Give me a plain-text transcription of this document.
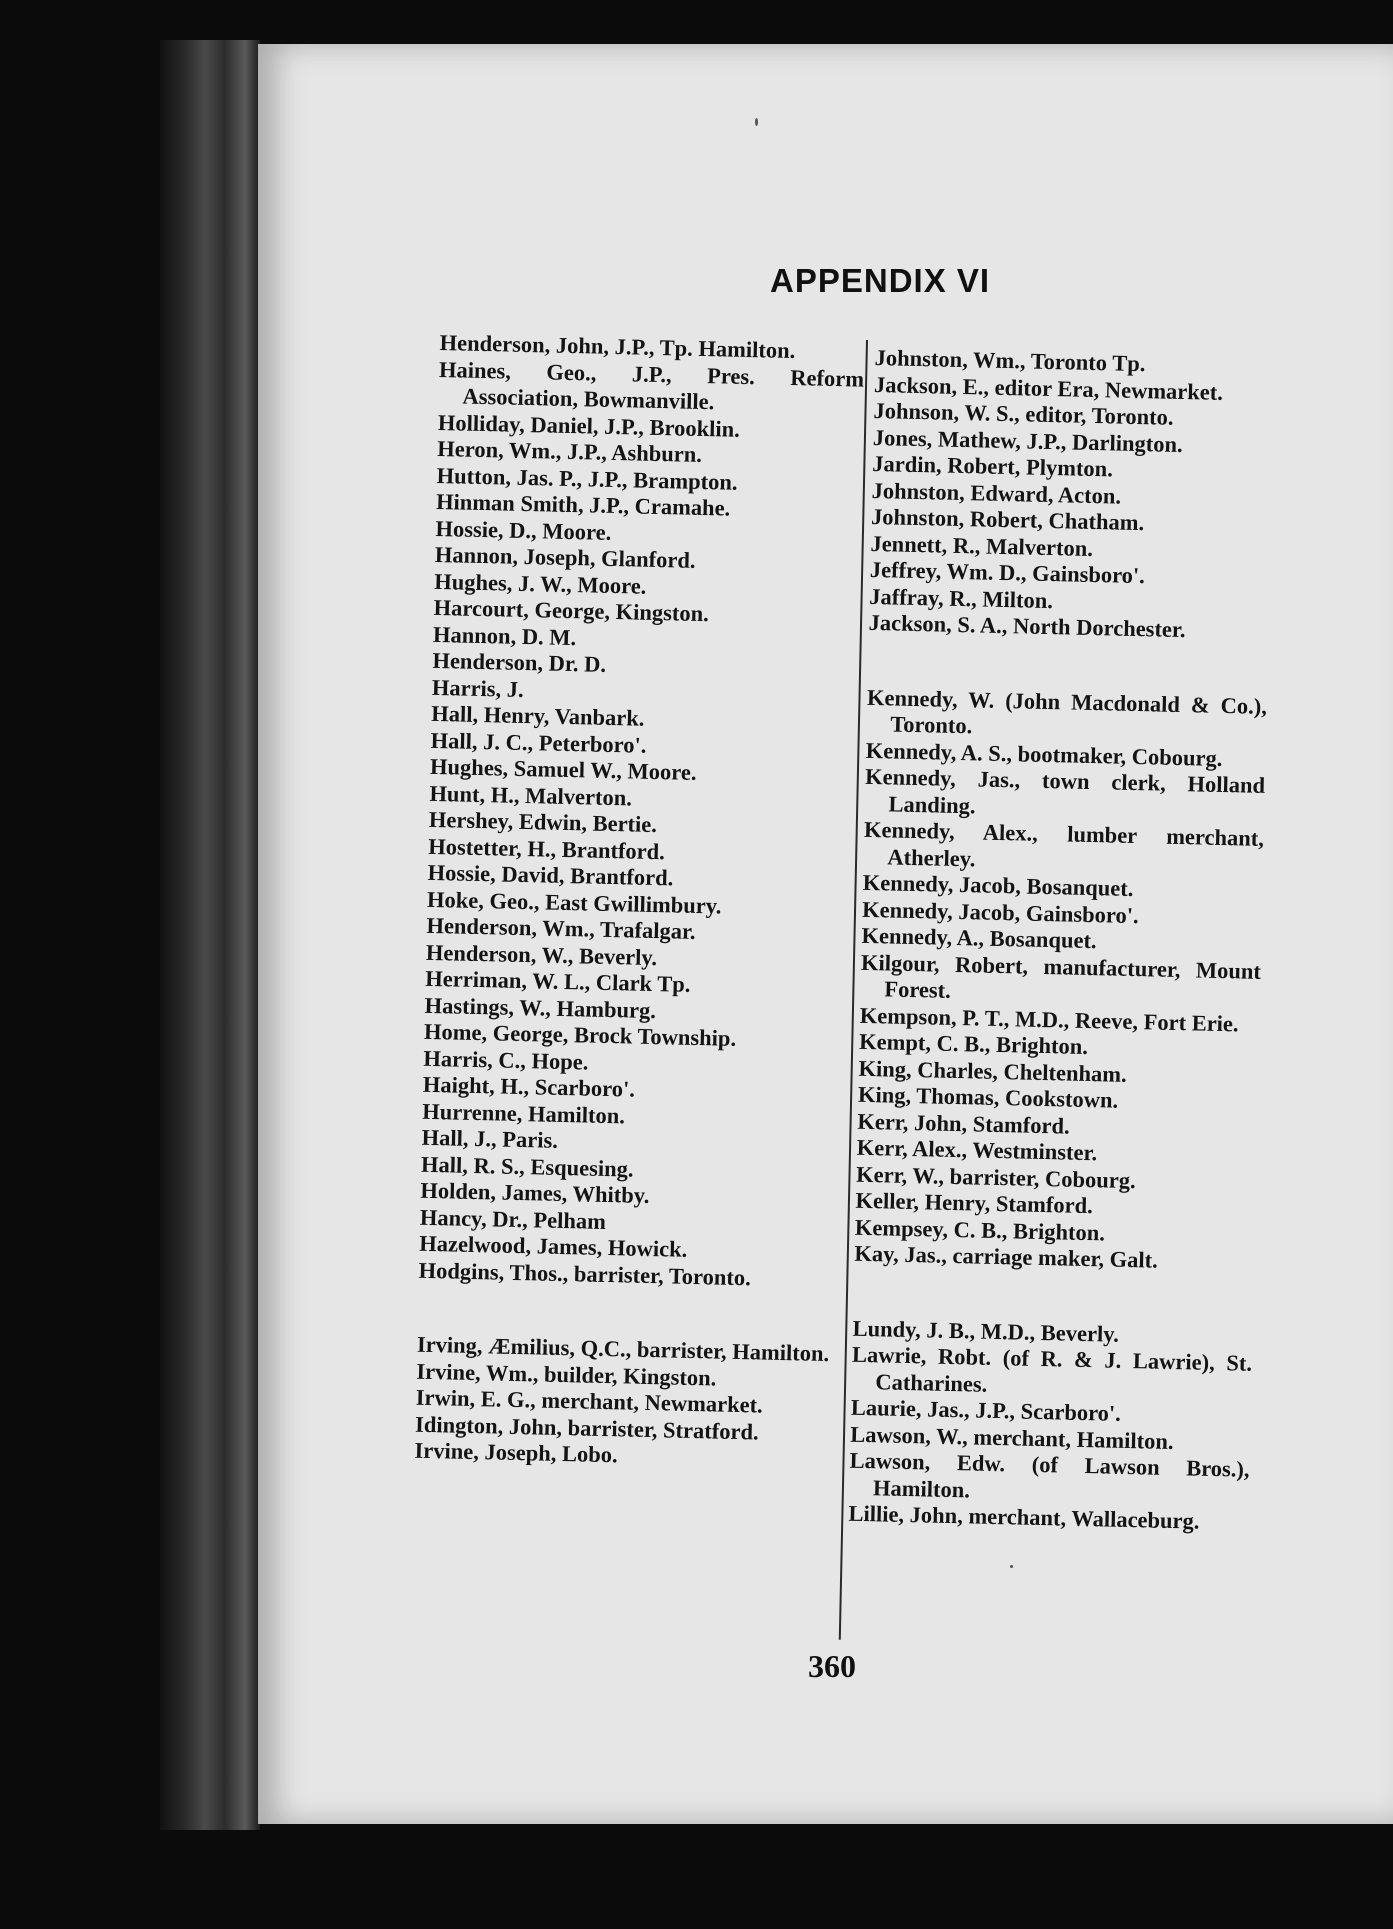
APPENDIX VI
Henderson, John, J.P., Tp. Hamilton.
Haines, Geo., J.P., Pres. Reform Association, Bowmanville.
Holliday, Daniel, J.P., Brooklin.
Heron, Wm., J.P., Ashburn.
Hutton, Jas. P., J.P., Brampton.
Hinman Smith, J.P., Cramahe.
Hossie, D., Moore.
Hannon, Joseph, Glanford.
Hughes, J. W., Moore.
Harcourt, George, Kingston.
Hannon, D. M.
Henderson, Dr. D.
Harris, J.
Hall, Henry, Vanbark.
Hall, J. C., Peterboro'.
Hughes, Samuel W., Moore.
Hunt, H., Malverton.
Hershey, Edwin, Bertie.
Hostetter, H., Brantford.
Hossie, David, Brantford.
Hoke, Geo., East Gwillimbury.
Henderson, Wm., Trafalgar.
Henderson, W., Beverly.
Herriman, W. L., Clark Tp.
Hastings, W., Hamburg.
Home, George, Brock Township.
Harris, C., Hope.
Haight, H., Scarboro'.
Hurrenne, Hamilton.
Hall, J., Paris.
Hall, R. S., Esquesing.
Holden, James, Whitby.
Hancy, Dr., Pelham
Hazelwood, James, Howick.
Hodgins, Thos., barrister, Toronto.
Irving, Æmilius, Q.C., barrister, Hamilton.
Irvine, Wm., builder, Kingston.
Irwin, E. G., merchant, Newmarket.
Idington, John, barrister, Stratford.
Irvine, Joseph, Lobo.
Johnston, Wm., Toronto Tp.
Jackson, E., editor Era, Newmarket.
Johnson, W. S., editor, Toronto.
Jones, Mathew, J.P., Darlington.
Jardin, Robert, Plymton.
Johnston, Edward, Acton.
Johnston, Robert, Chatham.
Jennett, R., Malverton.
Jeffrey, Wm. D., Gainsboro'.
Jaffray, R., Milton.
Jackson, S. A., North Dorchester.
Kennedy, W. (John Macdonald & Co.), Toronto.
Kennedy, A. S., bootmaker, Cobourg.
Kennedy, Jas., town clerk, Holland Landing.
Kennedy, Alex., lumber merchant, Atherley.
Kennedy, Jacob, Bosanquet.
Kennedy, Jacob, Gainsboro'.
Kennedy, A., Bosanquet.
Kilgour, Robert, manufacturer, Mount Forest.
Kempson, P. T., M.D., Reeve, Fort Erie.
Kempt, C. B., Brighton.
King, Charles, Cheltenham.
King, Thomas, Cookstown.
Kerr, John, Stamford.
Kerr, Alex., Westminster.
Kerr, W., barrister, Cobourg.
Keller, Henry, Stamford.
Kempsey, C. B., Brighton.
Kay, Jas., carriage maker, Galt.
Lundy, J. B., M.D., Beverly.
Lawrie, Robt. (of R. & J. Lawrie), St. Catharines.
Laurie, Jas., J.P., Scarboro'.
Lawson, W., merchant, Hamilton.
Lawson, Edw. (of Lawson Bros.), Hamilton.
Lillie, John, merchant, Wallaceburg.
360
